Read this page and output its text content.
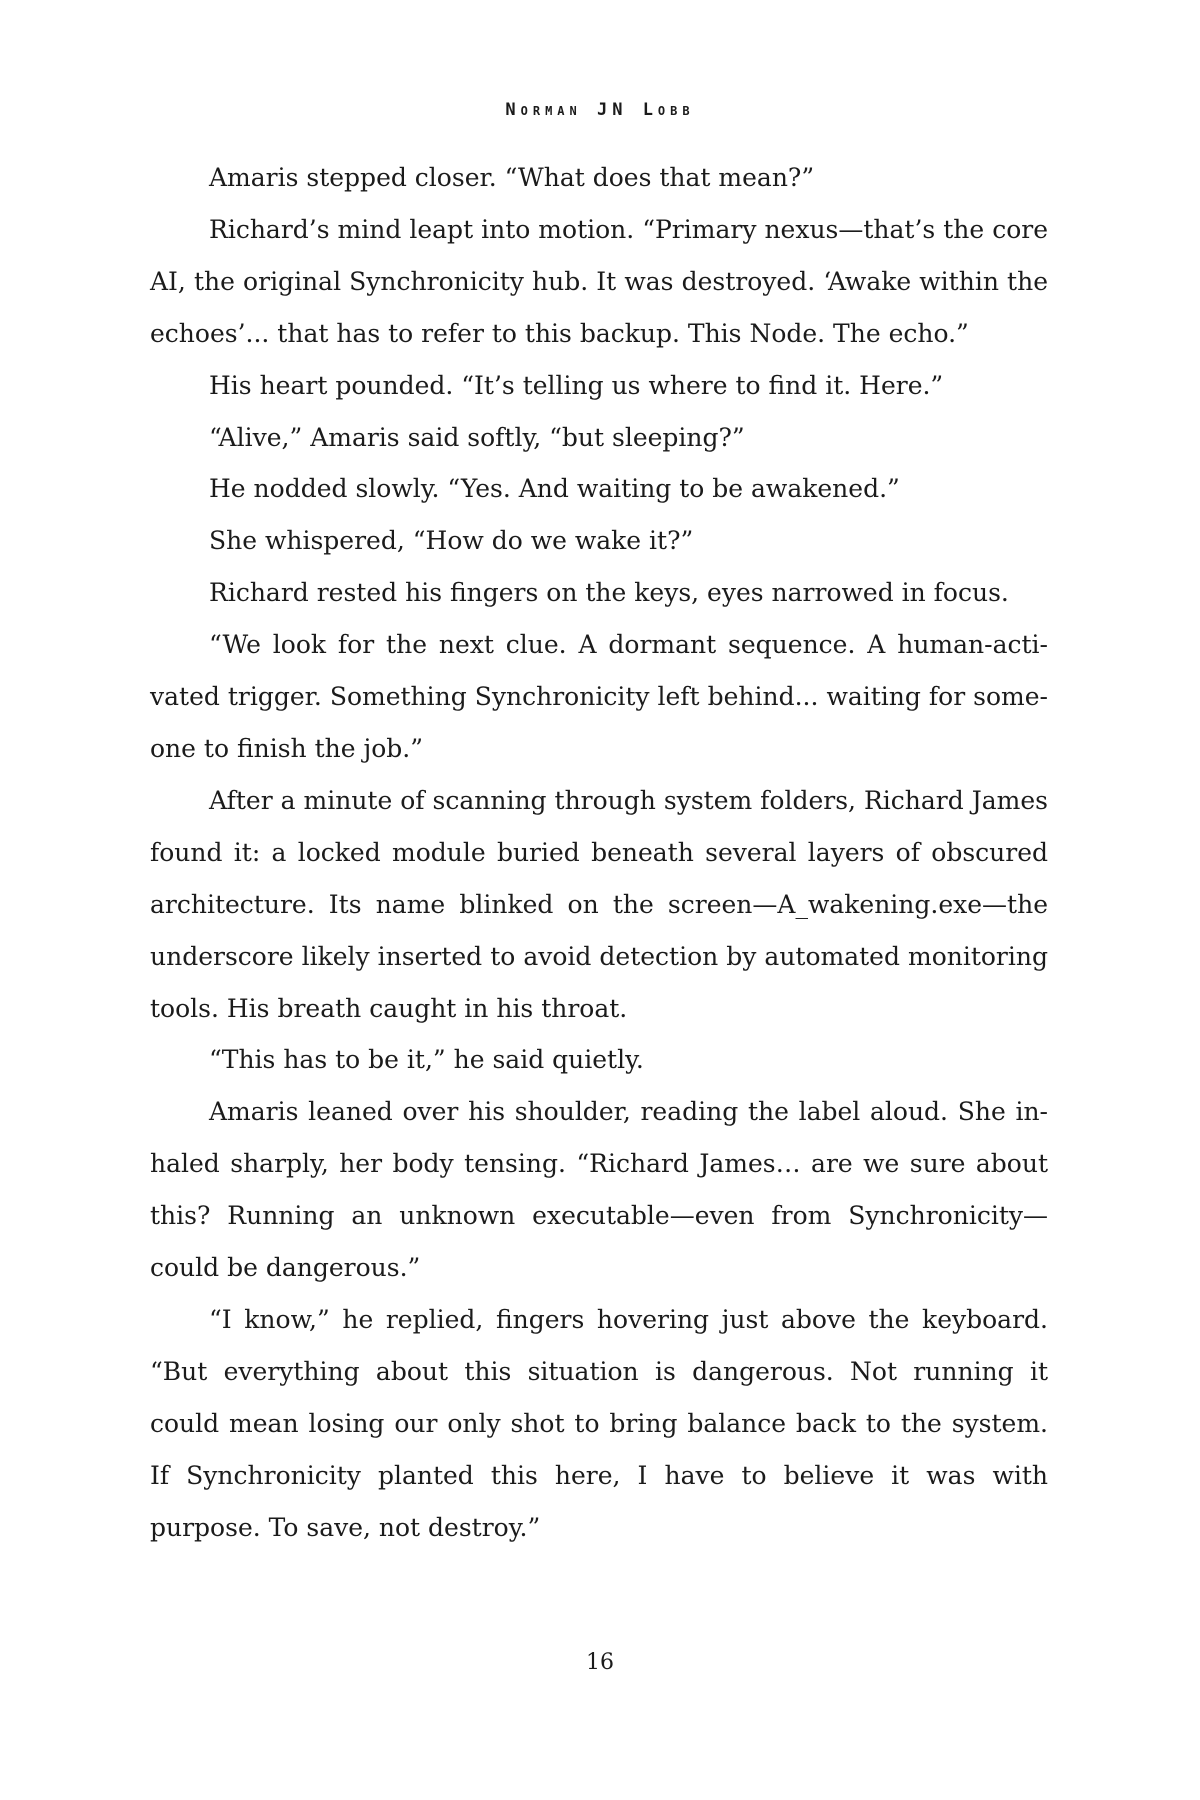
Norman JN Lobb

Amaris stepped closer. “What does that mean?”

Richard’s mind leapt into motion. “Primary nexus—that’s the core AI, the original Synchronicity hub. It was destroyed. ‘Awake within the echoes’... that has to refer to this backup. This Node. The echo.”

His heart pounded. “It’s telling us where to find it. Here.”

“Alive,” Amaris said softly, “but sleeping?”

He nodded slowly. “Yes. And waiting to be awakened.”

She whispered, “How do we wake it?”

Richard rested his fingers on the keys, eyes narrowed in focus.

“We look for the next clue. A dormant sequence. A human-activated trigger. Something Synchronicity left behind... waiting for someone to finish the job.”

After a minute of scanning through system folders, Richard James found it: a locked module buried beneath several layers of obscured architecture. Its name blinked on the screen—A_wakening.exe—the underscore likely inserted to avoid detection by automated monitoring tools. His breath caught in his throat.

“This has to be it,” he said quietly.

Amaris leaned over his shoulder, reading the label aloud. She inhaled sharply, her body tensing. “Richard James… are we sure about this? Running an unknown executable—even from Synchronicity—could be dangerous.”

“I know,” he replied, fingers hovering just above the keyboard. “But everything about this situation is dangerous. Not running it could mean losing our only shot to bring balance back to the system. If Synchronicity planted this here, I have to believe it was with purpose. To save, not destroy.”

16
